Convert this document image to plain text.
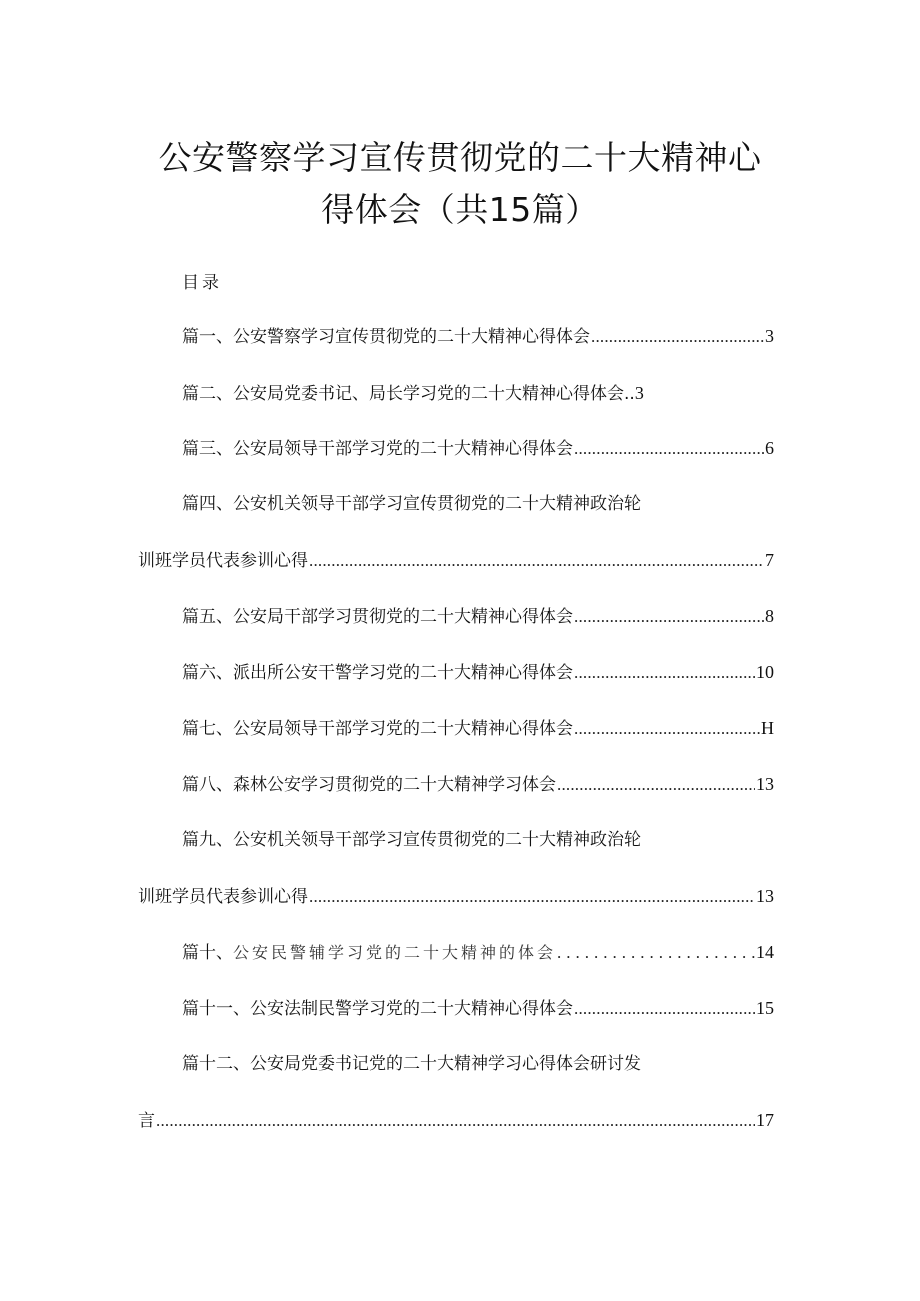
公安警察学习宣传贯彻党的二十大精神心
得体会（共15篇）
目录
篇一、公安警察学习宣传贯彻党的二十大精神心得体会 .....	3
篇二、公安局党委书记、局长学习党的二十大精神心得体会.. 3
篇三、公安局领导干部学习党的二十大精神心得体会 .....	6
篇四、公安机关领导干部学习宣传贯彻党的二十大精神政治轮
训班学员代表参训心得 .....	7
篇五、公安局干部学习贯彻党的二十大精神心得体会 .....	8
篇六、派出所公安干警学习党的二十大精神心得体会 .....	10
篇七、公安局领导干部学习党的二十大精神心得体会 .....	H
篇八、森林公安学习贯彻党的二十大精神学习体会 .....	13
篇九、公安机关领导干部学习宣传贯彻党的二十大精神政治轮
训班学员代表参训心得 .....	13
篇十、 公安民警辅学习党的二十大精神的体会 .....	14
篇十一、公安法制民警学习党的二十大精神心得体会 .....	15
篇十二、公安局党委书记党的二十大精神学习心得体会研讨发
言 .....	17
